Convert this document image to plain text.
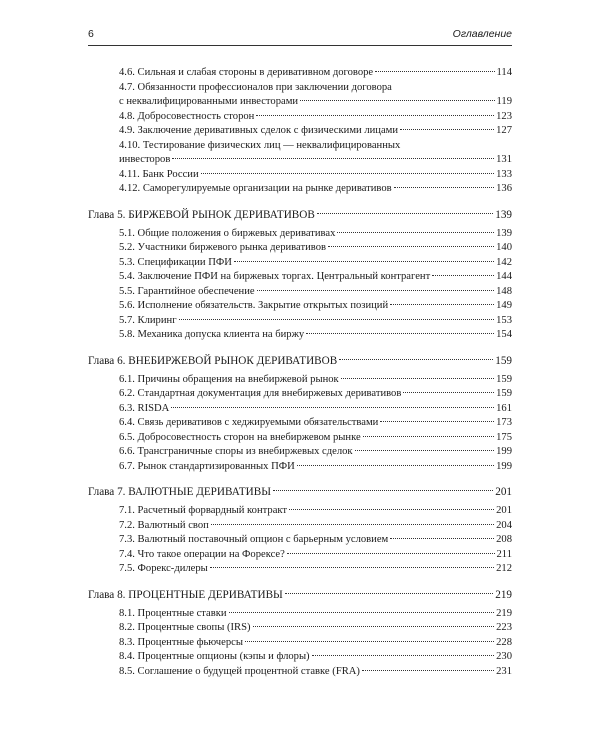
6	Оглавление
4.6. Сильная и слабая стороны в деривативном договоре	114
4.7. Обязанности профессионалов при заключении договора
с неквалифицированными инвесторами	119
4.8. Добросовестность сторон	123
4.9. Заключение деривативных сделок с физическими лицами	127
4.10. Тестирование физических лиц — неквалифицированных
инвесторов	131
4.11. Банк России	133
4.12. Саморегулируемые организации на рынке деривативов	136
Глава 5. БИРЖЕВОЙ РЫНОК ДЕРИВАТИВОВ	139
5.1. Общие положения о биржевых деривативах	139
5.2. Участники биржевого рынка деривативов	140
5.3. Спецификации ПФИ	142
5.4. Заключение ПФИ на биржевых торгах. Центральный контрагент	144
5.5. Гарантийное обеспечение	148
5.6. Исполнение обязательств. Закрытие открытых позиций	149
5.7. Клиринг	153
5.8. Механика допуска клиента на биржу	154
Глава 6. ВНЕБИРЖЕВОЙ РЫНОК ДЕРИВАТИВОВ	159
6.1. Причины обращения на внебиржевой рынок	159
6.2. Стандартная документация для внебиржевых деривативов	159
6.3. RISDA	161
6.4. Связь деривативов с хеджируемыми обязательствами	173
6.5. Добросовестность сторон на внебиржевом рынке	175
6.6. Трансграничные споры из внебиржевых сделок	199
6.7. Рынок стандартизированных ПФИ	199
Глава 7. ВАЛЮТНЫЕ ДЕРИВАТИВЫ	201
7.1. Расчетный форвардный контракт	201
7.2. Валютный своп	204
7.3. Валютный поставочный опцион с барьерным условием	208
7.4. Что такое операции на Форексе?	211
7.5. Форекс-дилеры	212
Глава 8. ПРОЦЕНТНЫЕ ДЕРИВАТИВЫ	219
8.1. Процентные ставки	219
8.2. Процентные свопы (IRS)	223
8.3. Процентные фьючерсы	228
8.4. Процентные опционы (кэпы и флоры)	230
8.5. Соглашение о будущей процентной ставке (FRA)	231
